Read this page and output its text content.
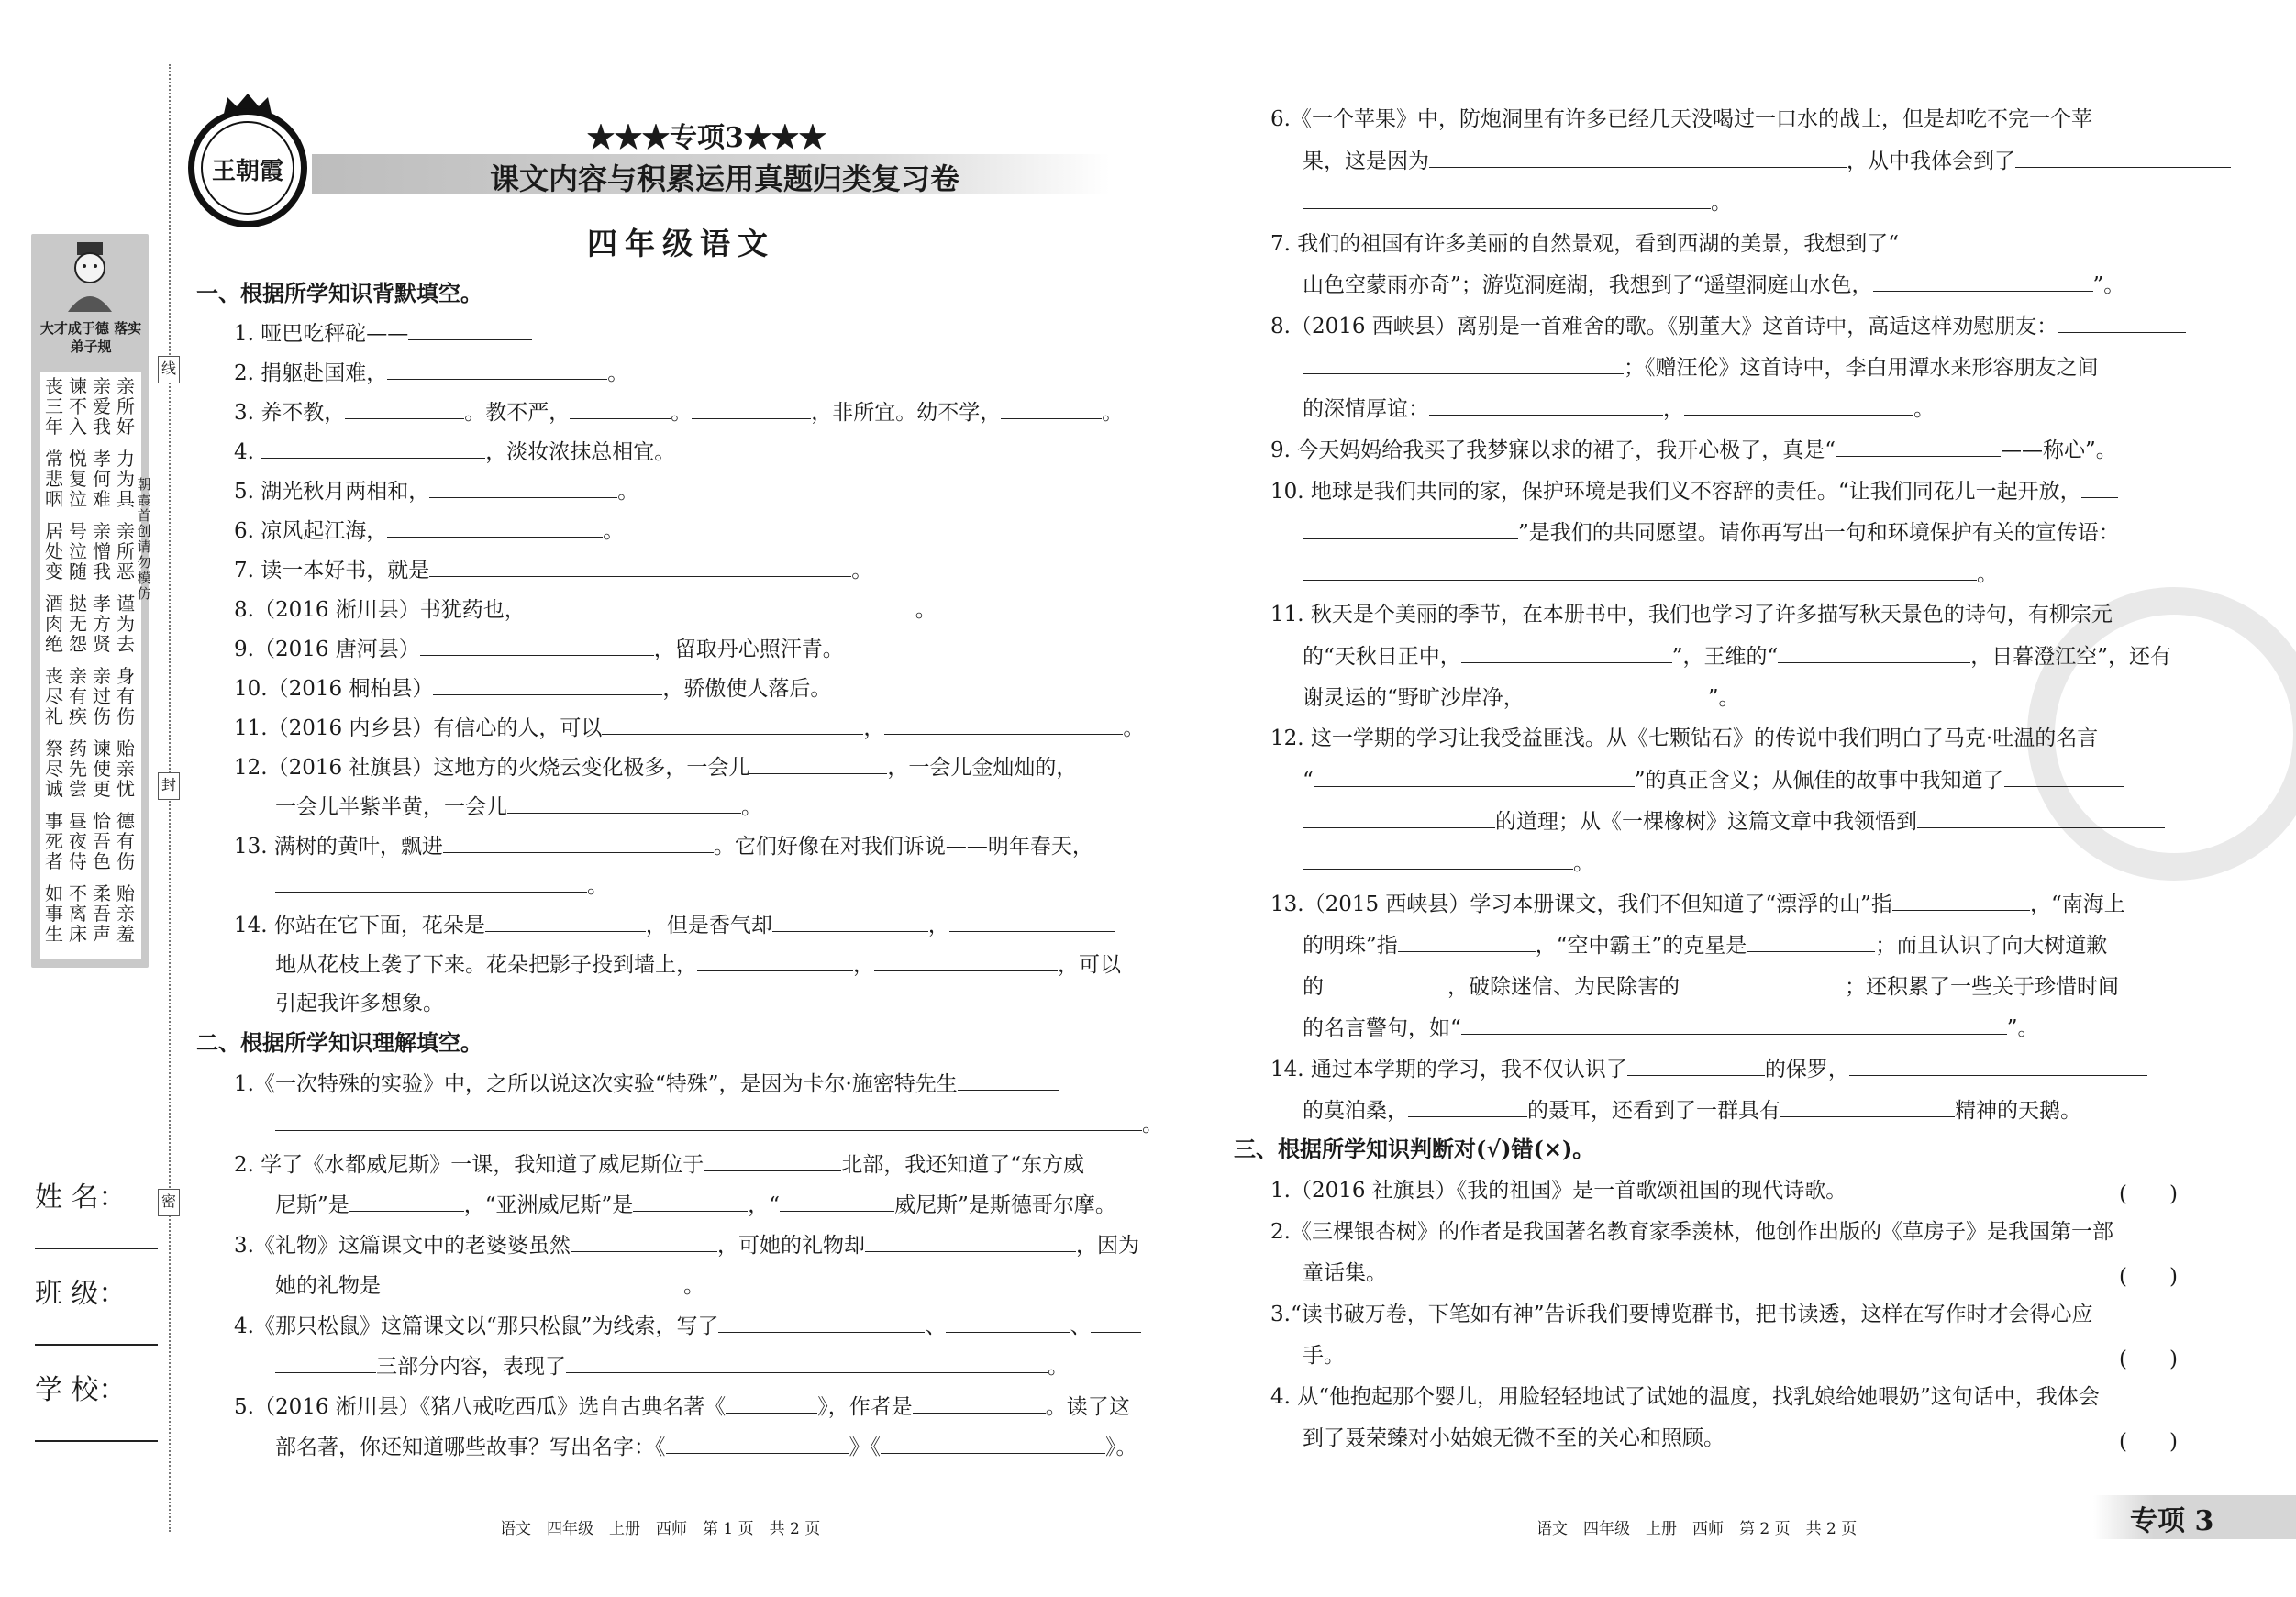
王朝霞
★★★专项3★★★
课文内容与积累运用真题归类复习卷
四年级语文
大才成于德 落实弟子规
丧三年
谏不入
亲爱我
亲所好
常悲咽
悦复泣
孝何难
力为具
居处变
号泣随
亲憎我
亲所恶
酒肉绝
挞无怨
孝方贤
谨为去
丧尽礼
亲有疾
亲过伤
身有伤
祭尽诚
药先尝
谏使更
贻亲忧
事死者
昼夜侍
恰吾色
德有伤
如事生
不离床
柔吾声
贻亲羞
朝霞首创 请勿模仿
线
封
密
姓 名：
班 级：
学 校：
一、根据所学知识背默填空。
1. 哑巴吃秤砣——
2. 捐躯赴国难，	。
3. 养不教，	。教不严，	。	，非所宜。幼不学，	。
4.	，淡妆浓抹总相宜。
5. 湖光秋月两相和，	。
6. 凉风起江海，	。
7. 读一本好书，就是	。
8.（2016 淅川县）书犹药也，	。
9.（2016 唐河县）	，留取丹心照汗青。
10.（2016 桐柏县）	，骄傲使人落后。
11.（2016 内乡县）有信心的人，可以	，	。
12.（2016 社旗县）这地方的火烧云变化极多，一会儿	，一会儿金灿灿的，
一会儿半紫半黄，一会儿	。
13. 满树的黄叶，飘进	。它们好像在对我们诉说——明年春天，
。
14. 你站在它下面，花朵是	，但是香气却	，
地从花枝上袭了下来。花朵把影子投到墙上，	，	，可以
引起我许多想象。
二、根据所学知识理解填空。
1.《一次特殊的实验》中，之所以说这次实验“特殊”，是因为卡尔·施密特先生
。
2. 学了《水都威尼斯》一课，我知道了威尼斯位于	北部，我还知道了“东方威
尼斯”是	，“亚洲威尼斯”是	，“	威尼斯”是斯德哥尔摩。
3.《礼物》这篇课文中的老婆婆虽然	，可她的礼物却	，因为
她的礼物是	。
4.《那只松鼠》这篇课文以“那只松鼠”为线索，写了	、	、
三部分内容，表现了	。
5.（2016 淅川县）《猪八戒吃西瓜》选自古典名著《	》，作者是	。读了这
部名著，你还知道哪些故事？写出名字：《	》《	》。
语文　四年级　上册　西师　第 1 页　共 2 页
6.《一个苹果》中，防炮洞里有许多已经几天没喝过一口水的战士，但是却吃不完一个苹
果，这是因为	，从中我体会到了
。
7. 我们的祖国有许多美丽的自然景观，看到西湖的美景，我想到了“
山色空蒙雨亦奇”；游览洞庭湖，我想到了“遥望洞庭山水色，	”。
8.（2016 西峡县）离别是一首难舍的歌。《别董大》这首诗中，高适这样劝慰朋友：
；《赠汪伦》这首诗中，李白用潭水来形容朋友之间
的深情厚谊：	，	。
9. 今天妈妈给我买了我梦寐以求的裙子，我开心极了，真是“	——称心”。
10. 地球是我们共同的家，保护环境是我们义不容辞的责任。“让我们同花儿一起开放，
”是我们的共同愿望。请你再写出一句和环境保护有关的宣传语：
。
11. 秋天是个美丽的季节，在本册书中，我们也学习了许多描写秋天景色的诗句，有柳宗元
的“天秋日正中，	”，王维的“	，日暮澄江空”，还有
谢灵运的“野旷沙岸净，	”。
12. 这一学期的学习让我受益匪浅。从《七颗钻石》的传说中我们明白了马克·吐温的名言
“	”的真正含义；从佩佳的故事中我知道了
的道理；从《一棵橡树》这篇文章中我领悟到
。
13.（2015 西峡县）学习本册课文，我们不但知道了“漂浮的山”指	，“南海上
的明珠”指	，“空中霸王”的克星是	；而且认识了向大树道歉
的	，破除迷信、为民除害的	；还积累了一些关于珍惜时间
的名言警句，如“	”。
14. 通过本学期的学习，我不仅认识了	的保罗，
的莫泊桑，	的聂耳，还看到了一群具有	精神的天鹅。
三、根据所学知识判断对(√)错(×)。
1.（2016 社旗县）《我的祖国》是一首歌颂祖国的现代诗歌。	(　　)
2.《三棵银杏树》的作者是我国著名教育家季羡林，他创作出版的《草房子》是我国第一部
童话集。	(　　)
3.“读书破万卷，下笔如有神”告诉我们要博览群书，把书读透，这样在写作时才会得心应
手。	(　　)
4. 从“他抱起那个婴儿，用脸轻轻地试了试她的温度，找乳娘给她喂奶”这句话中，我体会
到了聂荣臻对小姑娘无微不至的关心和照顾。	(　　)
语文　四年级　上册　西师　第 2 页　共 2 页	专项 3
